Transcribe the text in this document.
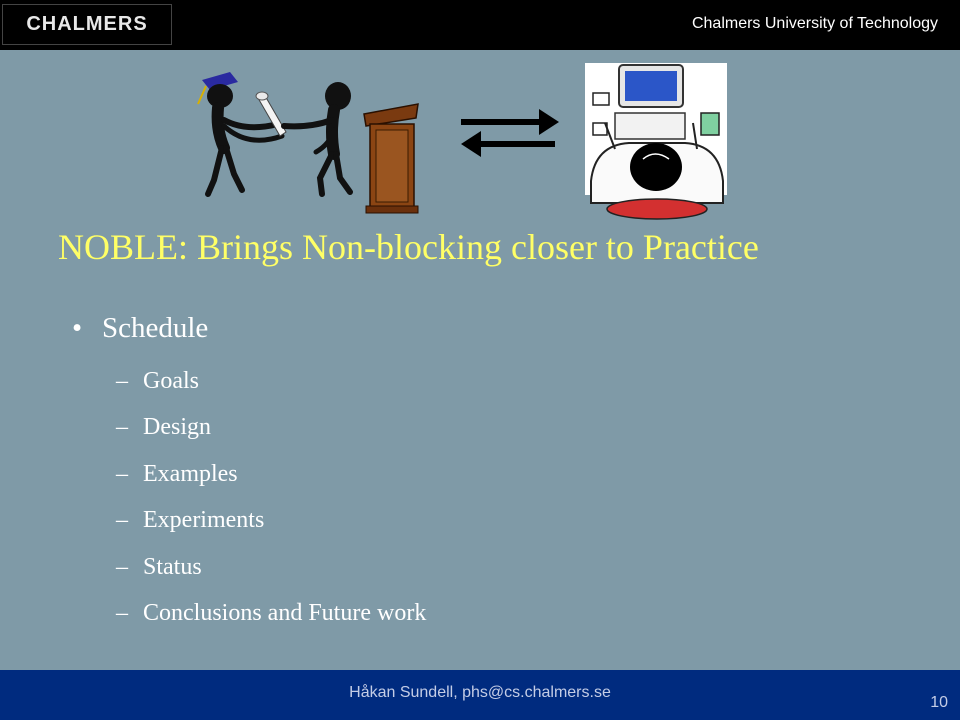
CHALMERS	Chalmers University of Technology
NOBLE: Brings Non-blocking closer to Practice
• Schedule
– Goals
– Design
– Examples
– Experiments
– Status
– Conclusions and Future work
Håkan Sundell, phs@cs.chalmers.se
10
